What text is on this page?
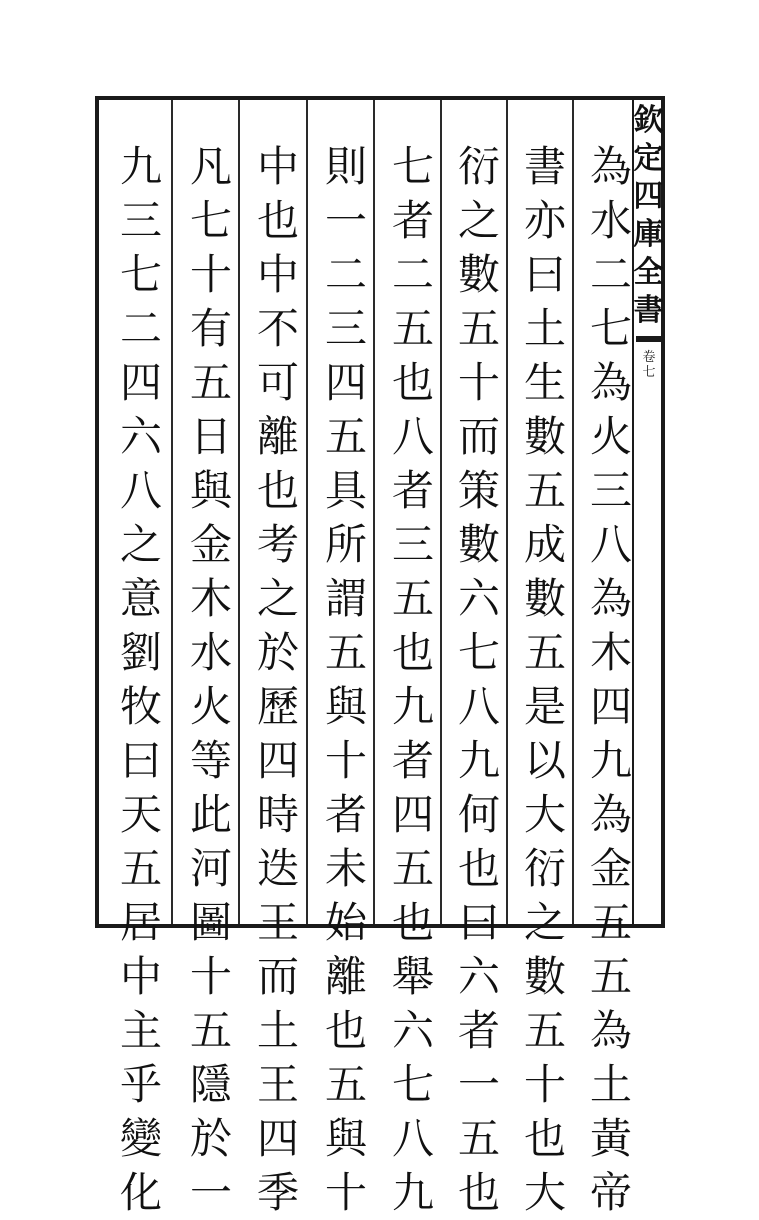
欽
定
四
庫
全
書
卷
七
為
水
二
七
為
火
三
八
為
木
四
九
為
金
五
五
為
土
黃
帝
書
亦
曰
土
生
數
五
成
數
五
是
以
大
衍
之
數
五
十
也
大
衍
之
數
五
十
而
策
數
六
七
八
九
何
也
曰
六
者
一
五
也
七
者
二
五
也
八
者
三
五
也
九
者
四
五
也
舉
六
七
八
九
則
一
二
三
四
五
具
所
謂
五
與
十
者
未
始
離
也
五
與
十
中
也
中
不
可
離
也
考
之
於
歷
四
時
迭
王
而
土
王
四
季
凡
七
十
有
五
日
與
金
木
水
火
等
此
河
圖
十
五
隱
於
一
九
三
七
二
四
六
八
之
意
劉
牧
曰
天
五
居
中
主
乎
變
化
